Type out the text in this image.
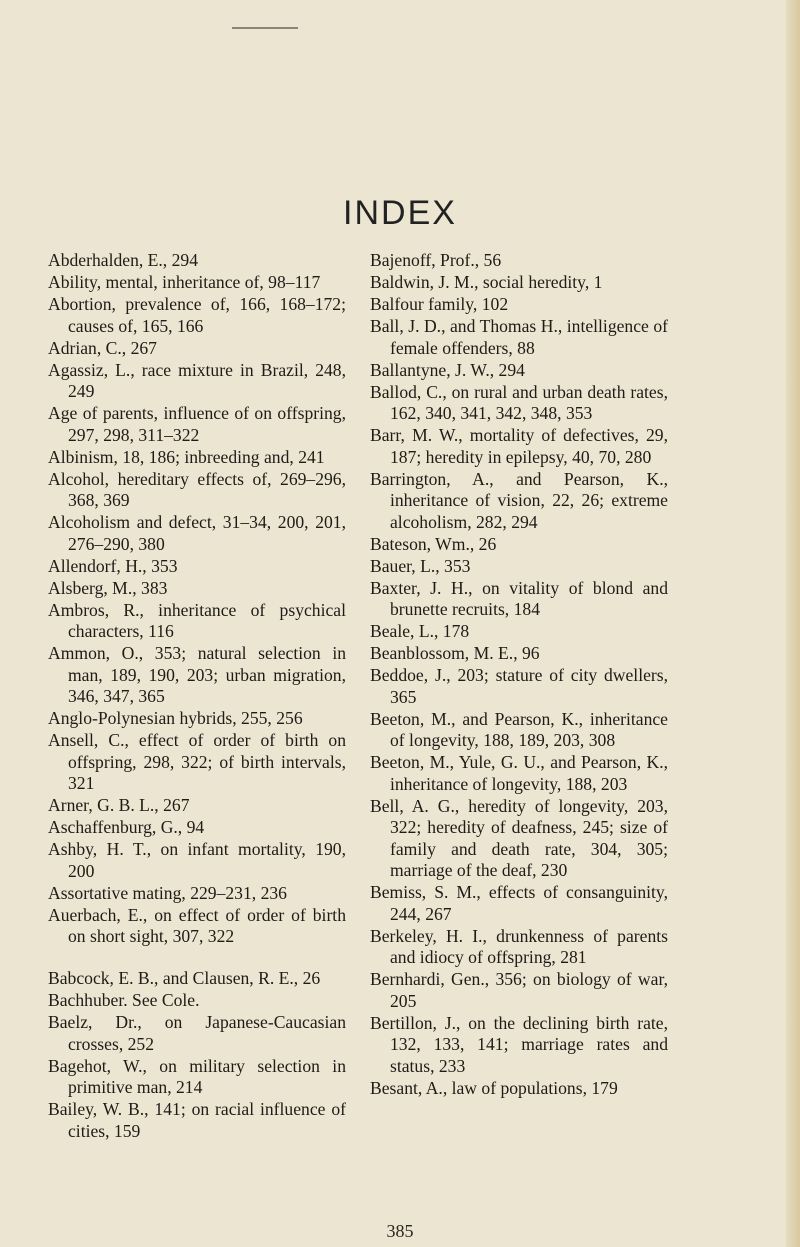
INDEX

Abderhalden, E., 294

Ability, mental, inheritance of, 98–117

Abortion, prevalence of, 166, 168–172; causes of, 165, 166

Adrian, C., 267

Agassiz, L., race mixture in Brazil, 248, 249

Age of parents, influence of on offspring, 297, 298, 311–322

Albinism, 18, 186; inbreeding and, 241

Alcohol, hereditary effects of, 269–296, 368, 369

Alcoholism and defect, 31–34, 200, 201, 276–290, 380

Allendorf, H., 353

Alsberg, M., 383

Ambros, R., inheritance of psychical characters, 116

Ammon, O., 353; natural selection in man, 189, 190, 203; urban migration, 346, 347, 365

Anglo-Polynesian hybrids, 255, 256

Ansell, C., effect of order of birth on offspring, 298, 322; of birth intervals, 321

Arner, G. B. L., 267

Aschaffenburg, G., 94

Ashby, H. T., on infant mortality, 190, 200

Assortative mating, 229–231, 236

Auerbach, E., on effect of order of birth on short sight, 307, 322

Babcock, E. B., and Clausen, R. E., 26

Bachhuber. See Cole.

Baelz, Dr., on Japanese-Caucasian crosses, 252

Bagehot, W., on military selection in primitive man, 214

Bailey, W. B., 141; on racial influence of cities, 159

Bajenoff, Prof., 56

Baldwin, J. M., social heredity, 1

Balfour family, 102

Ball, J. D., and Thomas H., intelligence of female offenders, 88

Ballantyne, J. W., 294

Ballod, C., on rural and urban death rates, 162, 340, 341, 342, 348, 353

Barr, M. W., mortality of defectives, 29, 187; heredity in epilepsy, 40, 70, 280

Barrington, A., and Pearson, K., inheritance of vision, 22, 26; extreme alcoholism, 282, 294

Bateson, Wm., 26

Bauer, L., 353

Baxter, J. H., on vitality of blond and brunette recruits, 184

Beale, L., 178

Beanblossom, M. E., 96

Beddoe, J., 203; stature of city dwellers, 365

Beeton, M., and Pearson, K., inheritance of longevity, 188, 189, 203, 308

Beeton, M., Yule, G. U., and Pearson, K., inheritance of longevity, 188, 203

Bell, A. G., heredity of longevity, 203, 322; heredity of deafness, 245; size of family and death rate, 304, 305; marriage of the deaf, 230

Bemiss, S. M., effects of consanguinity, 244, 267

Berkeley, H. I., drunkenness of parents and idiocy of offspring, 281

Bernhardi, Gen., 356; on biology of war, 205

Bertillon, J., on the declining birth rate, 132, 133, 141; marriage rates and status, 233

Besant, A., law of populations, 179

385
